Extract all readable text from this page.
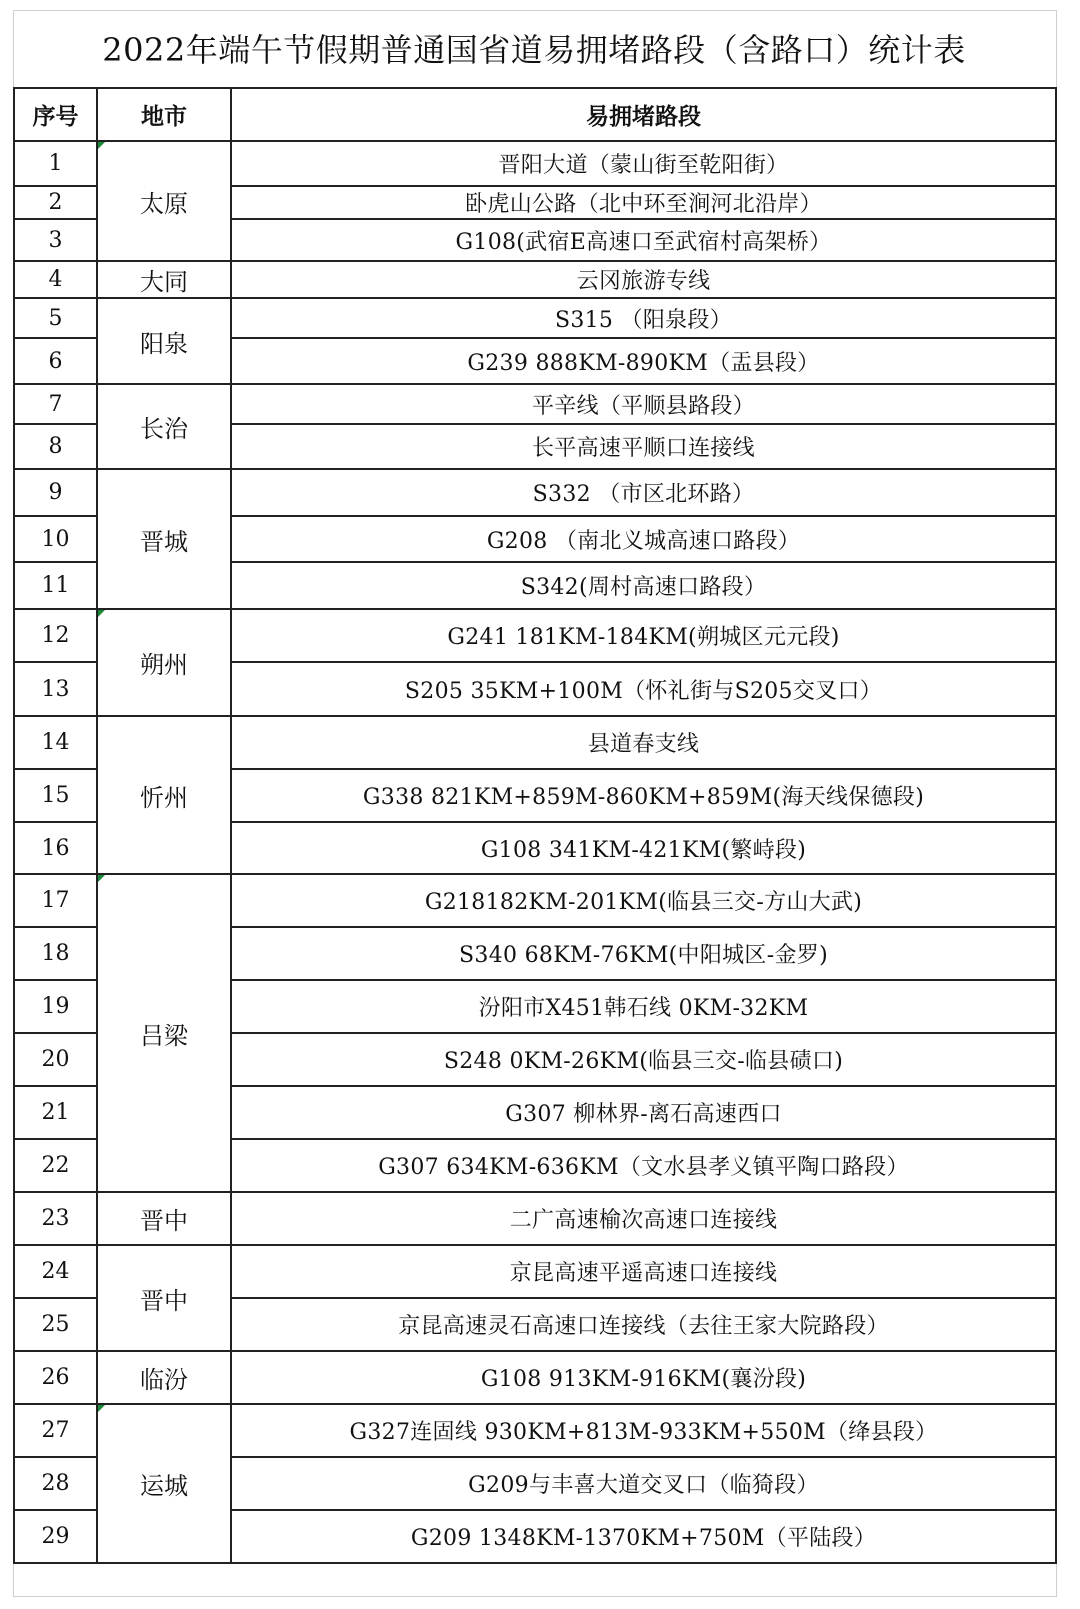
2022年端午节假期普通国省道易拥堵路段（含路口）统计表
序号	地市	易拥堵路段
1	太原	晋阳大道（蒙山街至乾阳街）
2		卧虎山公路（北中环至涧河北沿岸）
3		G108(武宿E高速口至武宿村高架桥）
4	大同	云冈旅游专线
5	阳泉	S315 （阳泉段）
6		G239 888KM-890KM（盂县段）
7	长治	平辛线（平顺县路段）
8		长平高速平顺口连接线
9	晋城	S332 （市区北环路）
10		G208 （南北义城高速口路段）
11		S342(周村高速口路段）
12	朔州	G241 181KM-184KM(朔城区元元段)
13		S205 35KM+100M（怀礼街与S205交叉口）
14	忻州	县道春支线
15		G338 821KM+859M-860KM+859M(海天线保德段)
16		G108 341KM-421KM(繁峙段)
17	吕梁	G218182KM-201KM(临县三交-方山大武)
18		S340 68KM-76KM(中阳城区-金罗)
19		汾阳市X451韩石线 0KM-32KM
20		S248 0KM-26KM(临县三交-临县碛口)
21		G307 柳林界-离石高速西口
22		G307 634KM-636KM（文水县孝义镇平陶口路段）
23	晋中	二广高速榆次高速口连接线
24	晋中	京昆高速平遥高速口连接线
25		京昆高速灵石高速口连接线（去往王家大院路段）
26	临汾	G108 913KM-916KM(襄汾段)
27	运城	G327连固线 930KM+813M-933KM+550M（绛县段）
28		G209与丰喜大道交叉口（临猗段）
29		G209 1348KM-1370KM+750M（平陆段）
